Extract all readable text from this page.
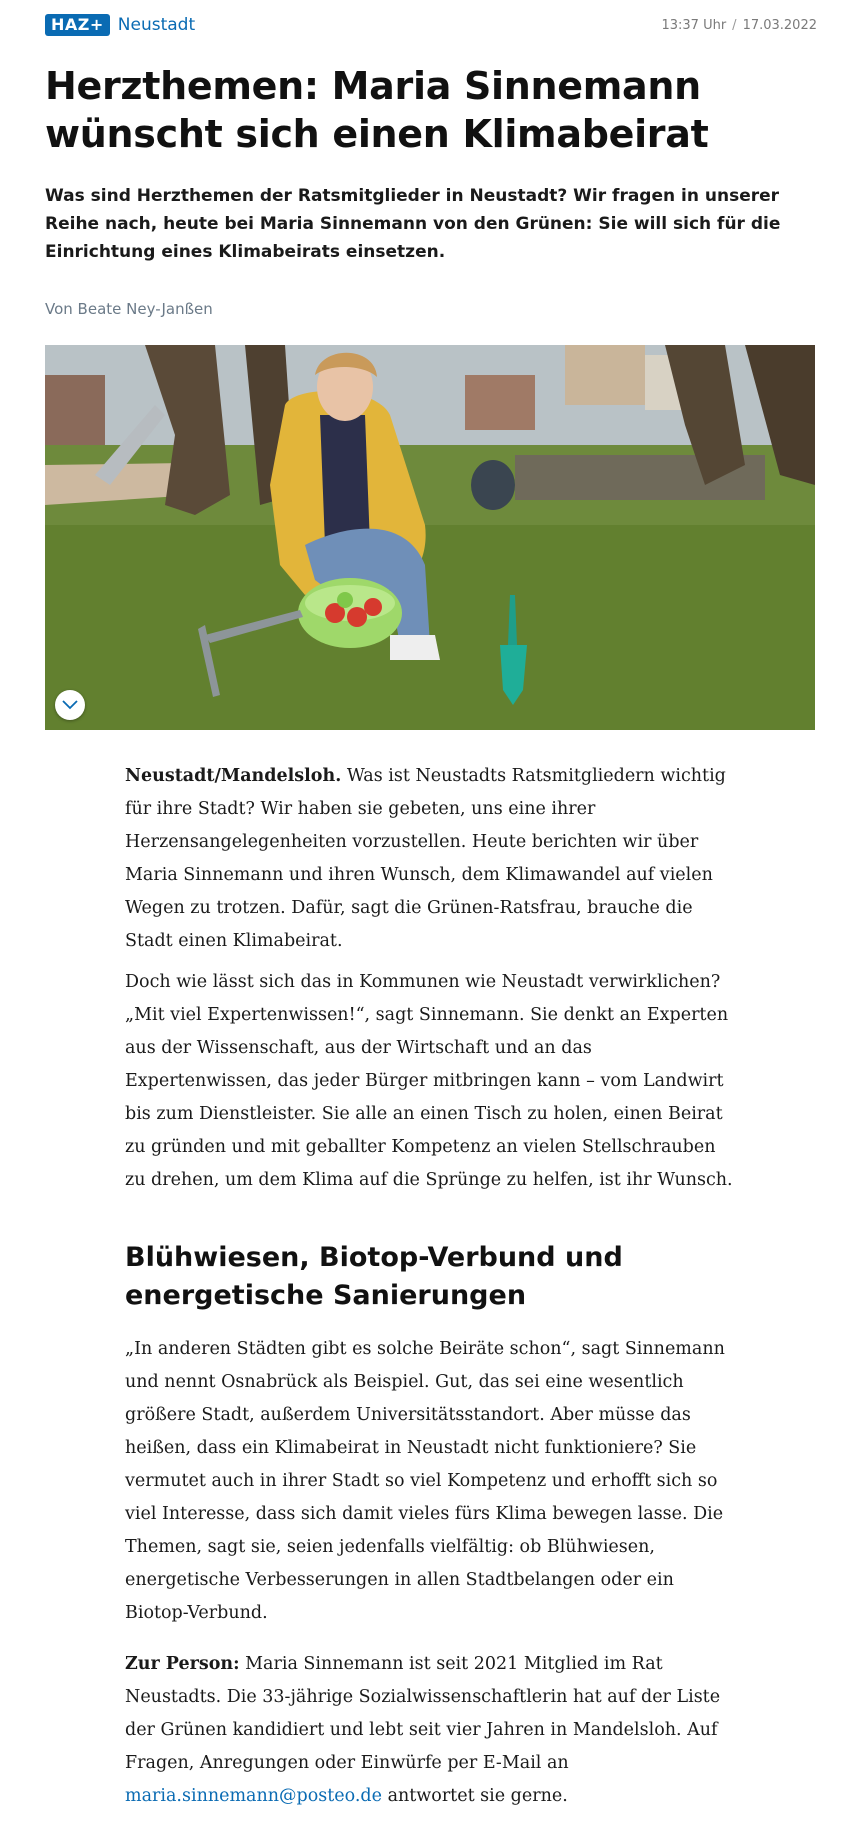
HAZ+ Neustadt	13:37 Uhr / 17.03.2022
Herzthemen: Maria Sinnemann wünscht sich einen Klimabeirat

Was sind Herzthemen der Ratsmitglieder in Neustadt? Wir fragen in unserer Reihe nach, heute bei Maria Sinnemann von den Grünen: Sie will sich für die Einrichtung eines Klimabeirats einsetzen.

Von Beate Ney-Janßen

Neustadt/Mandelsloh. Was ist Neustadts Ratsmitgliedern wichtig für ihre Stadt? Wir haben sie gebeten, uns eine ihrer Herzensangelegenheiten vorzustellen. Heute berichten wir über Maria Sinnemann und ihren Wunsch, dem Klimawandel auf vielen Wegen zu trotzen. Dafür, sagt die Grünen-Ratsfrau, brauche die Stadt einen Klimabeirat.

Doch wie lässt sich das in Kommunen wie Neustadt verwirklichen? „Mit viel Expertenwissen!“, sagt Sinnemann. Sie denkt an Experten aus der Wissenschaft, aus der Wirtschaft und an das Expertenwissen, das jeder Bürger mitbringen kann – vom Landwirt bis zum Dienstleister. Sie alle an einen Tisch zu holen, einen Beirat zu gründen und mit geballter Kompetenz an vielen Stellschrauben zu drehen, um dem Klima auf die Sprünge zu helfen, ist ihr Wunsch.

Blühwiesen, Biotop-Verbund und energetische Sanierungen

„In anderen Städten gibt es solche Beiräte schon“, sagt Sinnemann und nennt Osnabrück als Beispiel. Gut, das sei eine wesentlich größere Stadt, außerdem Universitätsstandort. Aber müsse das heißen, dass ein Klimabeirat in Neustadt nicht funktioniere? Sie vermutet auch in ihrer Stadt so viel Kompetenz und erhofft sich so viel Interesse, dass sich damit vieles fürs Klima bewegen lasse. Die Themen, sagt sie, seien jedenfalls vielfältig: ob Blühwiesen, energetische Verbesserungen in allen Stadtbelangen oder ein Biotop-Verbund.

Zur Person: Maria Sinnemann ist seit 2021 Mitglied im Rat Neustadts. Die 33-jährige Sozialwissenschaftlerin hat auf der Liste der Grünen kandidiert und lebt seit vier Jahren in Mandelsloh. Auf Fragen, Anregungen oder Einwürfe per E-Mail an maria.sinnemann@posteo.de antwortet sie gerne.
